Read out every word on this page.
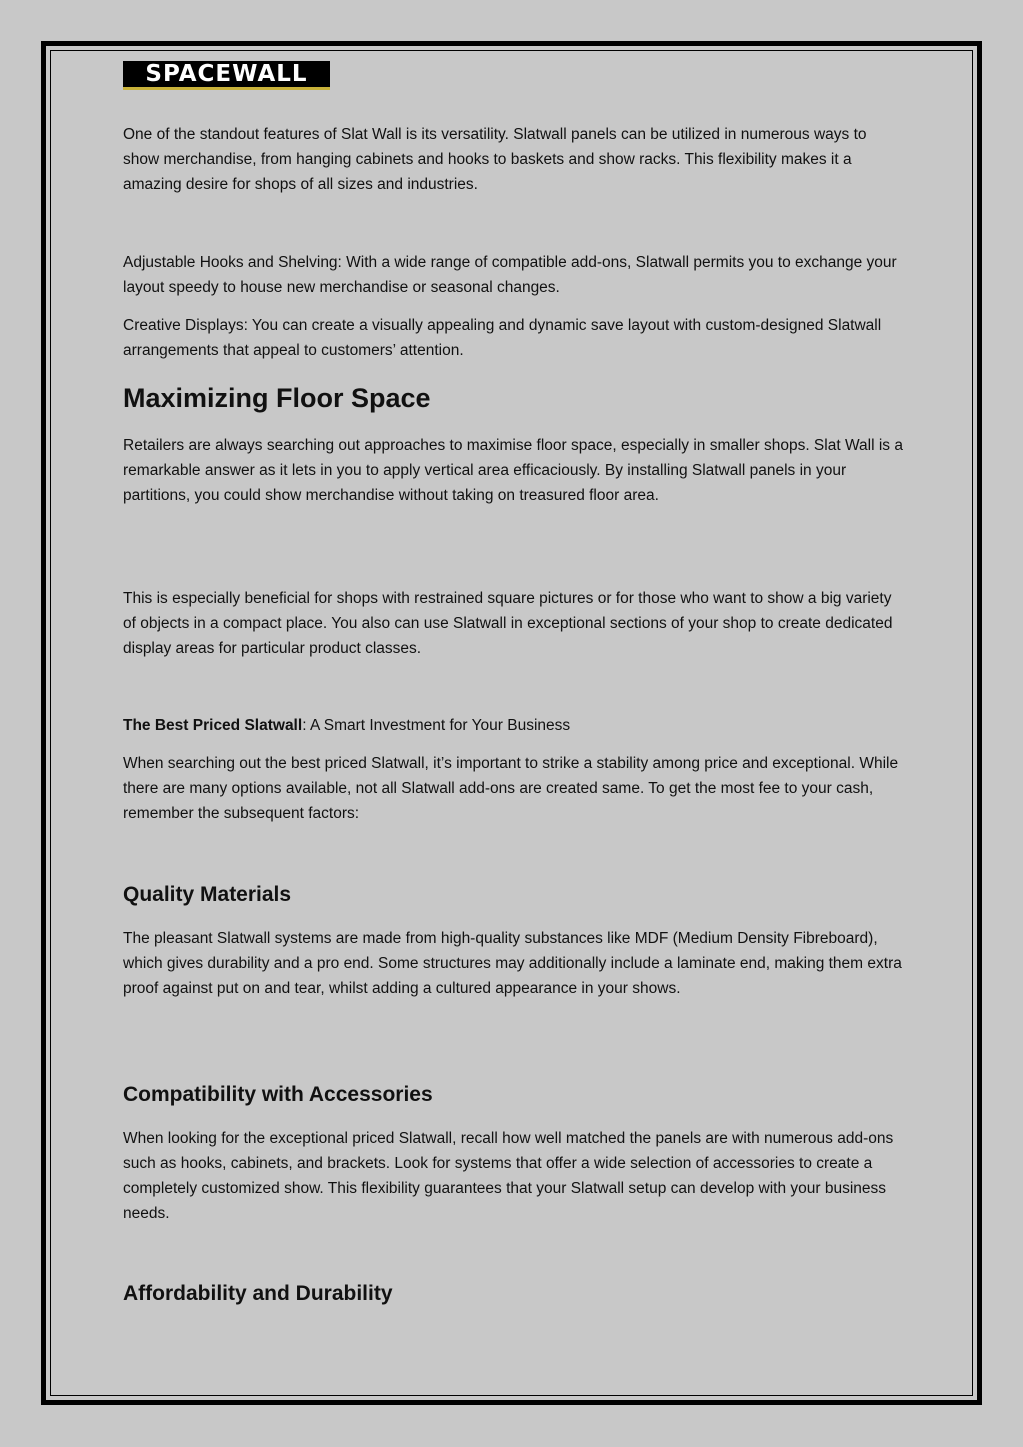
SPACEWALL

One of the standout features of Slat Wall is its versatility. Slatwall panels can be utilized in numerous ways to show merchandise, from hanging cabinets and hooks to baskets and show racks. This flexibility makes it a amazing desire for shops of all sizes and industries.

Adjustable Hooks and Shelving: With a wide range of compatible add-ons, Slatwall permits you to exchange your layout speedy to house new merchandise or seasonal changes.

Creative Displays: You can create a visually appealing and dynamic save layout with custom-designed Slatwall arrangements that appeal to customers’ attention.

Maximizing Floor Space

Retailers are always searching out approaches to maximise floor space, especially in smaller shops. Slat Wall is a remarkable answer as it lets in you to apply vertical area efficaciously. By installing Slatwall panels in your partitions, you could show merchandise without taking on treasured floor area.

This is especially beneficial for shops with restrained square pictures or for those who want to show a big variety of objects in a compact place. You also can use Slatwall in exceptional sections of your shop to create dedicated display areas for particular product classes.

The Best Priced Slatwall: A Smart Investment for Your Business

When searching out the best priced Slatwall, it’s important to strike a stability among price and exceptional. While there are many options available, not all Slatwall add-ons are created same. To get the most fee to your cash, remember the subsequent factors:

Quality Materials

The pleasant Slatwall systems are made from high-quality substances like MDF (Medium Density Fibreboard), which gives durability and a pro end. Some structures may additionally include a laminate end, making them extra proof against put on and tear, whilst adding a cultured appearance in your shows.

Compatibility with Accessories

When looking for the exceptional priced Slatwall, recall how well matched the panels are with numerous add-ons such as hooks, cabinets, and brackets. Look for systems that offer a wide selection of accessories to create a completely customized show. This flexibility guarantees that your Slatwall setup can develop with your business needs.

Affordability and Durability
